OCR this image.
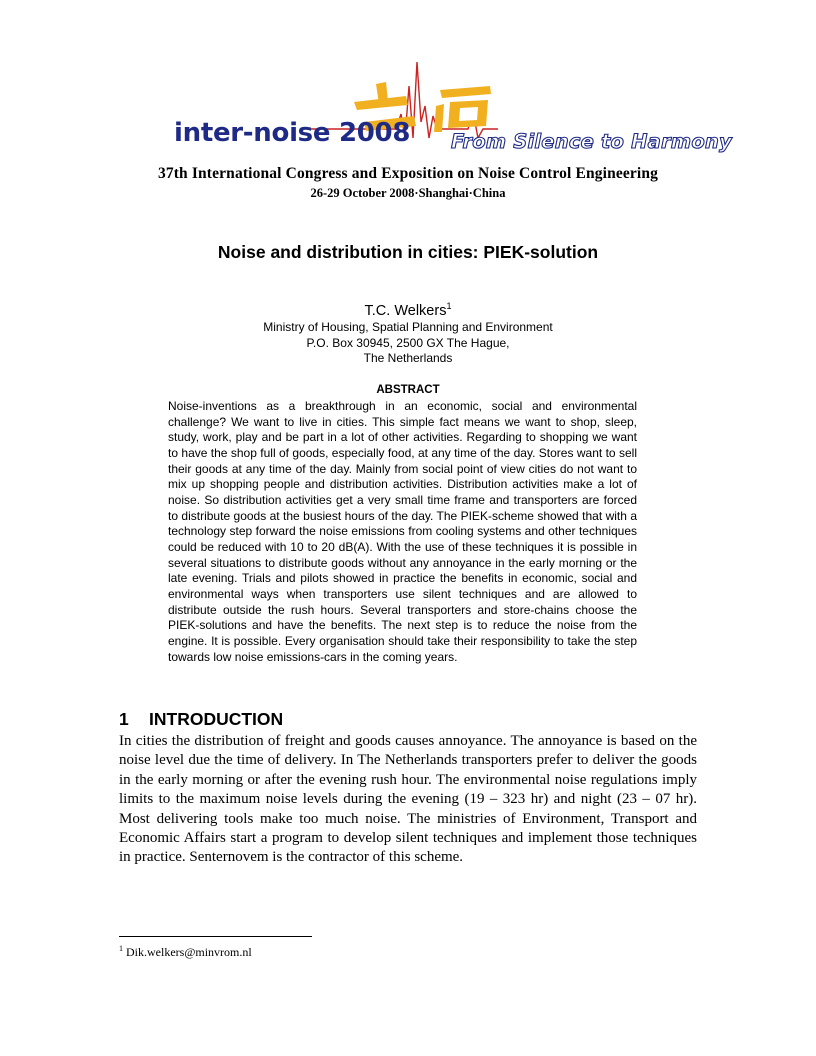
inter-noise 2008 From Silence to Harmony
37th International Congress and Exposition on Noise Control Engineering
26-29 October 2008·Shanghai·China
Noise and distribution in cities: PIEK-solution
T.C. Welkers$^1$
Ministry of Housing, Spatial Planning and Environment
P.O. Box 30945, 2500 GX The Hague,
The Netherlands
ABSTRACT

Noise-inventions as a breakthrough in an economic, social and environmental challenge? We want to live in cities. This simple fact means we want to shop, sleep, study, work, play and be part in a lot of other activities. Regarding to shopping we want to have the shop full of goods, especially food, at any time of the day. Stores want to sell their goods at any time of the day. Mainly from social point of view cities do not want to mix up shopping people and distribution activities. Distribution activities make a lot of noise. So distribution activities get a very small time frame and transporters are forced to distribute goods at the busiest hours of the day. The PIEK-scheme showed that with a technology step forward the noise emissions from cooling systems and other techniques could be reduced with 10 to 20 dB(A). With the use of these techniques it is possible in several situations to distribute goods without any annoyance in the early morning or the late evening. Trials and pilots showed in practice the benefits in economic, social and environmental ways when transporters use silent techniques and are allowed to distribute outside the rush hours. Several transporters and store-chains choose the PIEK-solutions and have the benefits. The next step is to reduce the noise from the engine. It is possible. Every organisation should take their responsibility to take the step towards low noise emissions-cars in the coming years.

1 INTRODUCTION

In cities the distribution of freight and goods causes annoyance. The annoyance is based on the noise level due the time of delivery. In The Netherlands transporters prefer to deliver the goods in the early morning or after the evening rush hour. The environmental noise regulations imply limits to the maximum noise levels during the evening (19 – 323 hr) and night (23 – 07 hr). Most delivering tools make too much noise. The ministries of Environment, Transport and Economic Affairs start a program to develop silent techniques and implement those techniques in practice. Senternovem is the contractor of this scheme.

$^1$ Dik.welkers@minvrom.nl
